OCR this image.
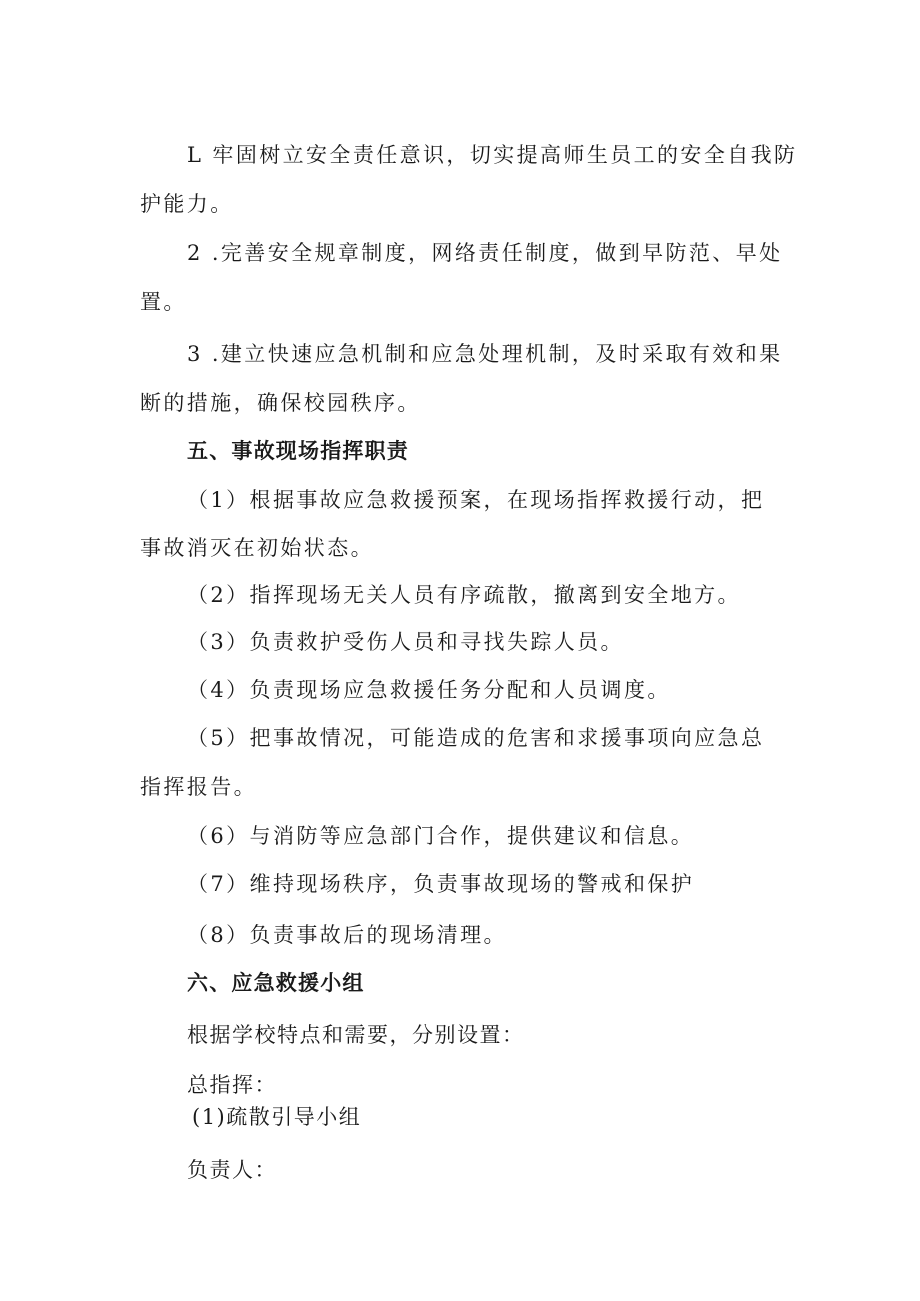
L 牢固树立安全责任意识，切实提高师生员工的安全自我防
护能力。
2 .完善安全规章制度，网络责任制度，做到早防范、早处
置。
3 .建立快速应急机制和应急处理机制，及时采取有效和果
断的措施，确保校园秩序。
五、事故现场指挥职责
（1）根据事故应急救援预案，在现场指挥救援行动，把
事故消灭在初始状态。
（2）指挥现场无关人员有序疏散，撤离到安全地方。
（3）负责救护受伤人员和寻找失踪人员。
（4）负责现场应急救援任务分配和人员调度。
（5）把事故情况，可能造成的危害和求援事项向应急总
指挥报告。
（6）与消防等应急部门合作，提供建议和信息。
（7）维持现场秩序，负责事故现场的警戒和保护
（8）负责事故后的现场清理。
六、应急救援小组
根据学校特点和需要，分别设置：
总指挥：
(1)疏散引导小组
负责人：
